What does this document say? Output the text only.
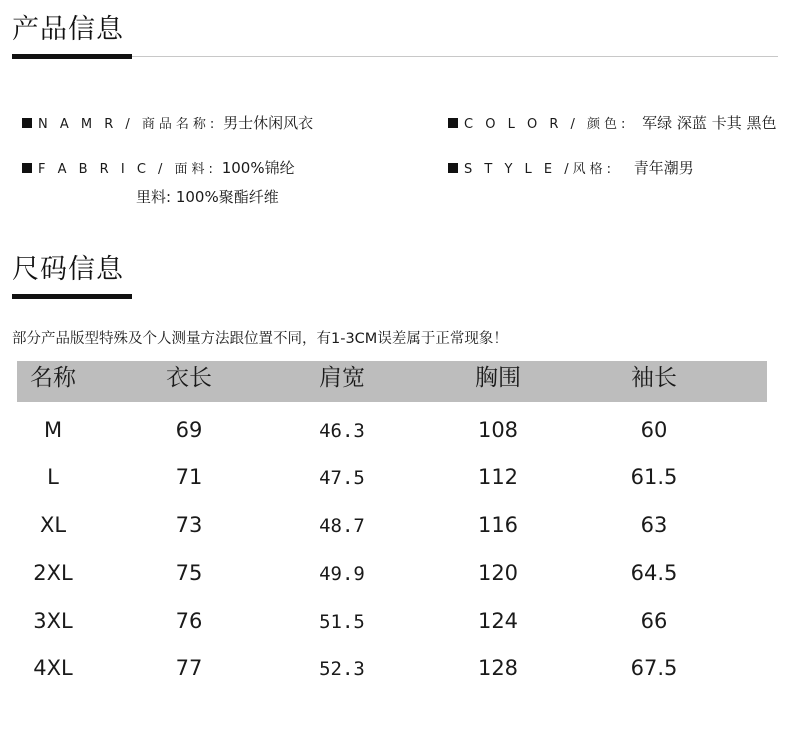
产品信息
N A M R / 商品名称: 男士休闲风衣	C O L O R / 颜色: 军绿 深蓝 卡其 黑色
F A B R I C / 面料: 100%锦纶	S T Y L E /风格: 青年潮男
里料: 100%聚酯纤维
尺码信息
部分产品版型特殊及个人测量方法跟位置不同，有1-3CM误差属于正常现象！
名称	衣长	肩宽	胸围	袖长
M	69	46.3	108	60
L	71	47.5	112	61.5
XL	73	48.7	116	63
2XL	75	49.9	120	64.5
3XL	76	51.5	124	66
4XL	77	52.3	128	67.5
